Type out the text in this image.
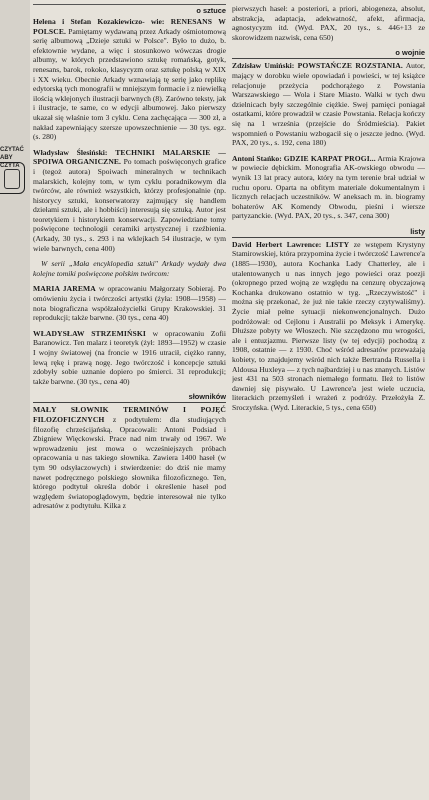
CZYTAĆ
ABY
CZYTA
o sztuce

Helena i Stefan Kozakiewiczo- wie: RENESANS W POLSCE. Pamiętamy wydawaną przez Arkady ośmiotomową serię albumową „Dzieje sztuki w Polsce". Było to dużo, b. efektownie wydane, a więc i stosunkowo wówczas drogie albumy, w których przedstawiono sztukę romańską, gotyk, renesans, barok, rokoko, klasycyzm oraz sztukę polską w XIX i XX wieku. Obecnie Arkady wznawiają tę serię jako replikę edytorską tych monografii w mniejszym formacie i z niewielką ilością wklejonych ilustracji barwnych (8). Zarówno teksty, jak i ilustracje, te same, co w edycji albumowej. Jako pierwszy ukazał się właśnie tom 3 cyklu. Cena zachęcająca — 300 zł, a nakład zapewniający szersze upowszechnienie — 30 tys. egz. (s. 280)

Władysław Ślesiński: TECHNIKI MALARSKIE — SPOIWA ORGANICZNE. Po tomach poświęconych grafice i (tegoż autora) Spoiwach mineralnych w technikach malarskich, kolejny tom, w tym cyklu poradnikowym dla twórców, ale również wszystkich, którzy profesjonalnie (np. historycy sztuki, konserwatorzy zajmujący się handlem dziełami sztuki, ale i hobbiści) interesują się sztuką. Autor jest teoretykiem i historykiem konserwacji. Zapowiedziane tomy poświęcone technologii ceramiki artystycznej i rzeźbienia. (Arkady, 30 tys., s. 293 i na wklejkach 54 ilustracje, w tym wiele barwnych, cena 400)

W serii „Mała encyklopedia sztuki" Arkady wydały dwa kolejne tomiki poświęcone polskim twórcom:

MARIA JAREMA w opracowaniu Małgorzaty Sobieraj. Po omówieniu życia i twórczości artystki (żyła: 1908—1958) — nota biograficzna współzałożycielki Grupy Krakowskiej. 31 reprodukcji; także barwne. (30 tys., cena 40)

WŁADYSŁAW STRZEMIŃSKI w opracowaniu Zofii Baranowicz. Ten malarz i teoretyk (żył: 1893—1952) w czasie I wojny światowej (na froncie w 1916 utracił, ciężko ranny, lewą rękę i prawą nogę. Jego twórczość i koncepcje sztuki zdobyły sobie uznanie dopiero po śmierci. 31 reprodukcji; także barwne. (30 tys., cena 40)

słowników

MAŁY SŁOWNIK TERMINÓW I POJĘĆ FILOZOFICZNYCH z podtytułem: dla studiujących filozofię chrześcijańską. Opracowali: Antoni Podsiad i Zbigniew Więckowski. Prace nad nim trwały od 1967. We wprowadzeniu jest mowa o wcześniejszych próbach opracowania u nas takiego słownika. Zawiera 1400 haseł (w tym 90 odsyłaczowych) i stwierdzenie: do dziś nie mamy nawet podręcznego polskiego słownika filozoficznego. Ten, którego podtytuł określa dobór i określenie haseł pod względem światopoglądowym, będzie interesował nie tylko adresatów z podtytułu. Kilka z

pierwszych haseł: a posteriori, a priori, abiogeneza, absolut, abstrakcja, adaptacja, adekwatność, afekt, afirmacja, agnostycyzm itd. (Wyd. PAX, 20 tys., s. 446+13 ze skorowidzem nazwisk, cena 650)

o wojnie

Zdzisław Umiński: POWSTAŃCZE ROZSTANIA. Autor, mający w dorobku wiele opowiadań i powieści, w tej książce relacjonuje przeżycia podchorążego z Powstania Warszawskiego — Wola i Stare Miasto. Walki w tych dwu dzielnicach były szczególnie ciężkie. Swej pamięci poniagał ostatkami, które prowadził w czasie Powstania. Relacja kończy się na 1 września (przejście do Śródmieścia). Pakiet wspomnień o Powstaniu wzbogacił się o jeszcze jedno. (Wyd. PAX, 20 tys., s. 192, cena 180)

Antoni Stańko: GDZIE KARPAT PROGI... Armia Krajowa w powiecie dębickim. Monografia AK-owskiego obwodu — wynik 13 lat pracy autora, który na tym terenie brał udział w ruchu oporu. Oparta na obfitym materiale dokumentalnym i licznych relacjach uczestników. W aneksach m. in. biogramy bohaterów AK Komendy Obwodu, pieśni i wiersze partyzanckie. (Wyd. PAX, 20 tys., s. 347, cena 300)

listy

David Herbert Lawrence: LISTY ze wstępem Krystyny Stamirowskiej, która przypomina życie i twórczość Lawrence'a (1885—1930), autora Kochanka Lady Chatterley, ale i utalentowanych u nas innych jego powieści oraz poezji (okropnego przed wojną ze względu na cenzurę obyczajową Kochanka drukowano ostatnio w tyg. „Rzeczywistość" i można się przekonać, że już nie takie rzeczy czytywaliśmy). Życie miał pełne sytuacji niekonwencjonalnych. Dużo podróżował: od Cejlonu i Australii po Meksyk i Amerykę. Dłuższe pobyty we Włoszech. Nie szczędzono mu wrogości, ale i entuzjazmu. Pierwsze listy (w tej edycji) pochodzą z 1908, ostatnie — z 1930. Choć wśród adresatów przeważają kobiety, to znajdujemy wśród nich także Bertranda Russella i Aldousa Huxleya — z tych najbardziej i u nas znanych. Listów jest 431 na 503 stronach niemałego formatu. Ileż to listów dawniej się pisywało. U Lawrence'a jest wiele uczucia, literackich przemyśleń i wrażeń z podróży. Przełożyła Z. Sroczyńska. (Wyd. Literackie, 5 tys., cena 650)
